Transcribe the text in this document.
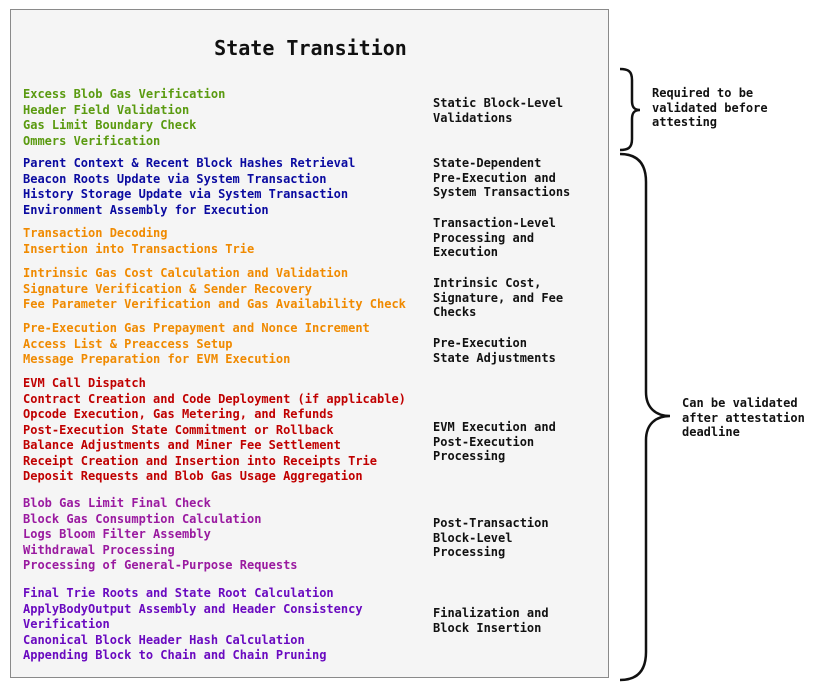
State Transition
Excess Blob Gas Verification
Header Field Validation
Gas Limit Boundary Check
Ommers Verification
Static Block-Level
Validations
Parent Context & Recent Block Hashes Retrieval
Beacon Roots Update via System Transaction
History Storage Update via System Transaction
Environment Assembly for Execution
State-Dependent
Pre-Execution and
System Transactions
Transaction Decoding
Insertion into Transactions Trie
Transaction-Level
Processing and
Execution
Intrinsic Gas Cost Calculation and Validation
Signature Verification & Sender Recovery
Fee Parameter Verification and Gas Availability Check
Intrinsic Cost,
Signature, and Fee
Checks
Pre-Execution Gas Prepayment and Nonce Increment
Access List & Preaccess Setup
Message Preparation for EVM Execution
Pre-Execution
State Adjustments
EVM Call Dispatch
Contract Creation and Code Deployment (if applicable)
Opcode Execution, Gas Metering, and Refunds
Post-Execution State Commitment or Rollback
Balance Adjustments and Miner Fee Settlement
Receipt Creation and Insertion into Receipts Trie
Deposit Requests and Blob Gas Usage Aggregation
EVM Execution and
Post-Execution
Processing
Blob Gas Limit Final Check
Block Gas Consumption Calculation
Logs Bloom Filter Assembly
Withdrawal Processing
Processing of General-Purpose Requests
Post-Transaction
Block-Level
Processing
Final Trie Roots and State Root Calculation
ApplyBodyOutput Assembly and Header Consistency
Verification
Canonical Block Header Hash Calculation
Appending Block to Chain and Chain Pruning
Finalization and
Block Insertion
Required to be
validated before
attesting
Can be validated
after attestation
deadline
